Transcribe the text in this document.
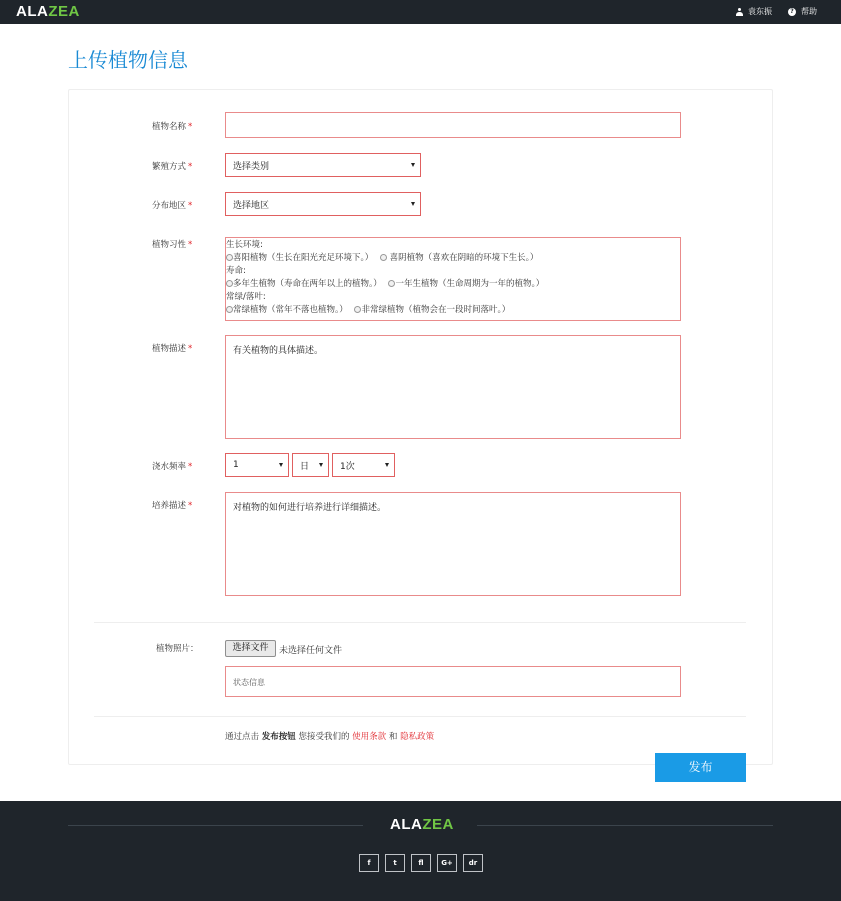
ALAZEA	袁东振	? 帮助
上传植物信息
植物名称 *
繁殖方式 *	选择类别
分布地区 *	选择地区
植物习性 *	生长环境:
喜阳植物（生长在阳光充足环境下。） 喜阴植物（喜欢在阴暗的环境下生长。）
寿命:
多年生植物（寿命在两年以上的植物。） 一年生植物（生命周期为一年的植物。）
常绿/落叶:
常绿植物（常年不落也植物。） 非常绿植物（植物会在一段时间落叶。）
植物描述 *	有关植物的具体描述。
浇水频率 *	1	日	1次
培养描述 *	对植物的如何进行培养进行详细描述。
植物照片：	选择文件	未选择任何文件
状态信息
通过点击 发布按钮 您接受我们的 使用条款 和 隐私政策
发布
ALAZEA
f	t	fl	G+	dr
